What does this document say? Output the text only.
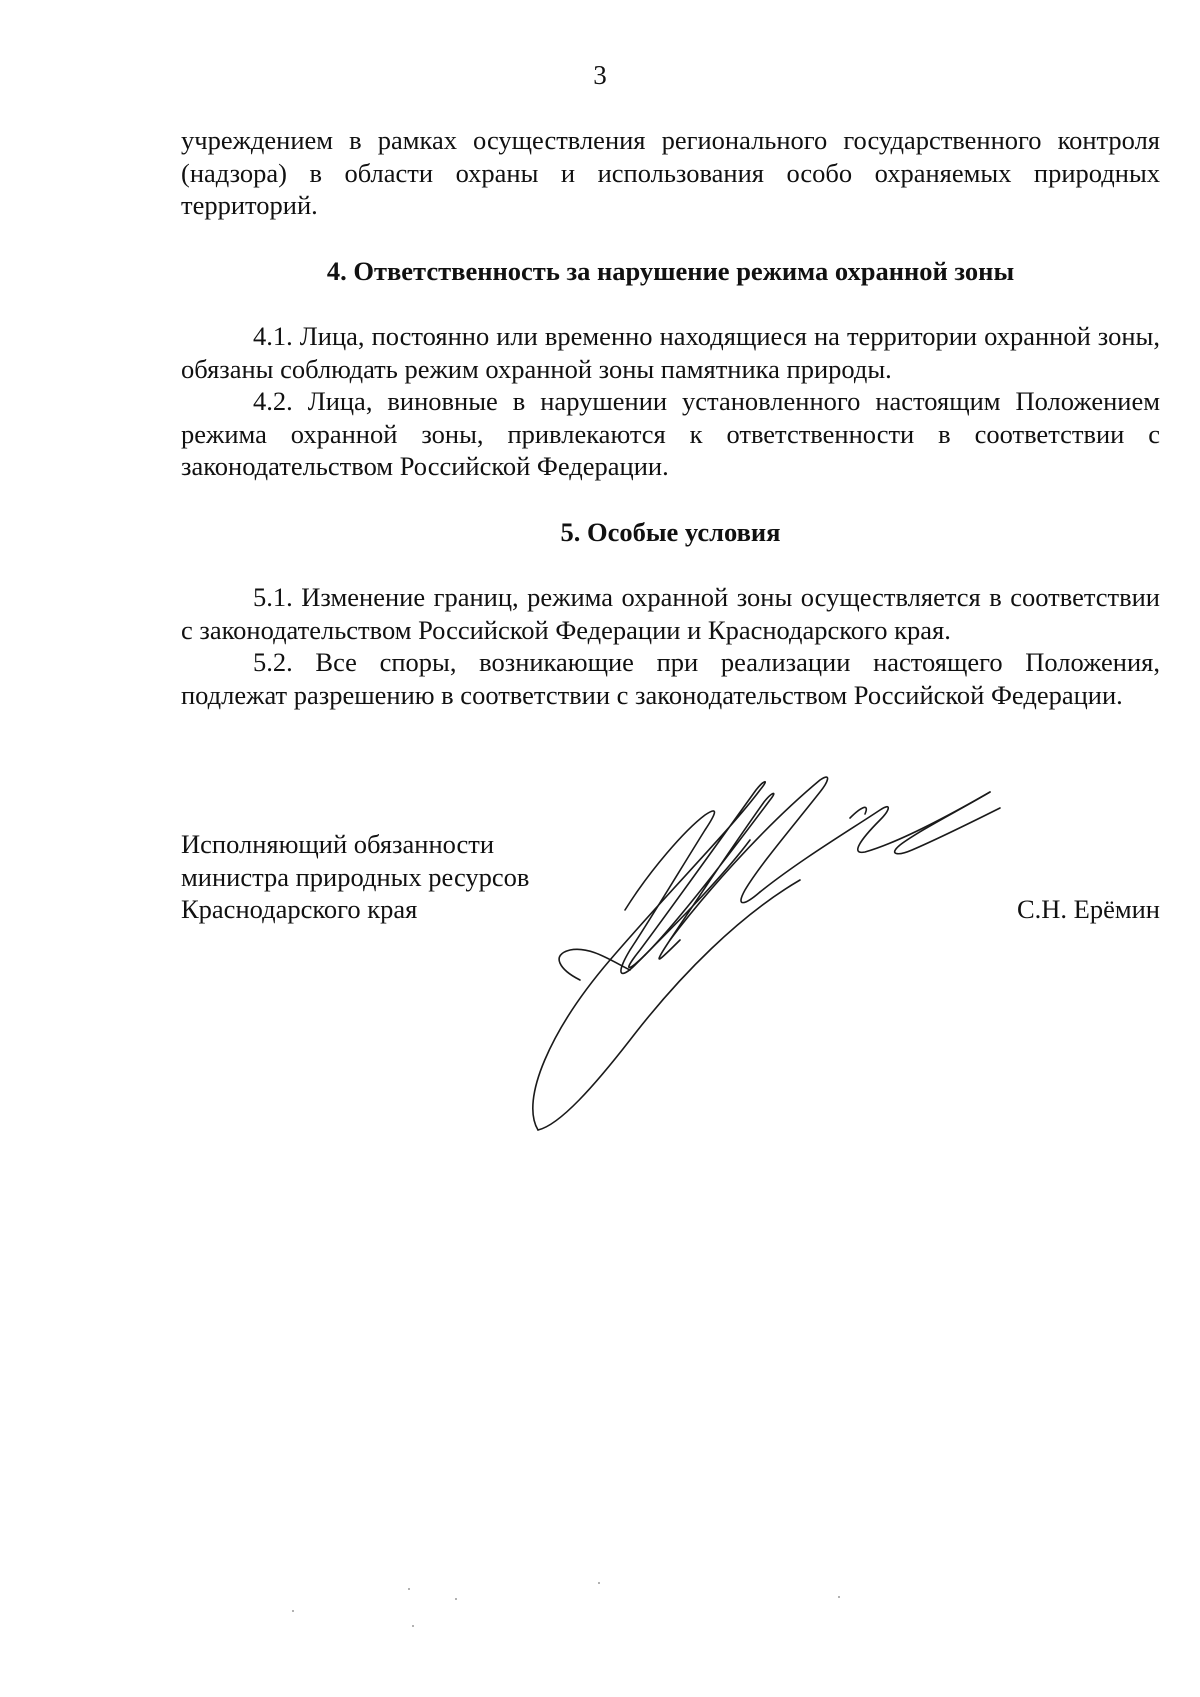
3

учреждением в рамках осуществления регионального государственного контроля (надзора) в области охраны и использования особо охраняемых природных территорий.

4. Ответственность за нарушение режима охранной зоны

4.1. Лица, постоянно или временно находящиеся на территории охранной зоны, обязаны соблюдать режим охранной зоны памятника природы.

4.2. Лица, виновные в нарушении установленного настоящим Положением режима охранной зоны, привлекаются к ответственности в соответствии с законодательством Российской Федерации.

5. Особые условия

5.1. Изменение границ, режима охранной зоны осуществляется в соответствии с законодательством Российской Федерации и Краснодарского края.

5.2. Все споры, возникающие при реализации настоящего Положения, подлежат разрешению в соответствии с законодательством Российской Федерации.

Исполняющий обязанности
министра природных ресурсов
Краснодарского края	С.Н. Ерёмин
